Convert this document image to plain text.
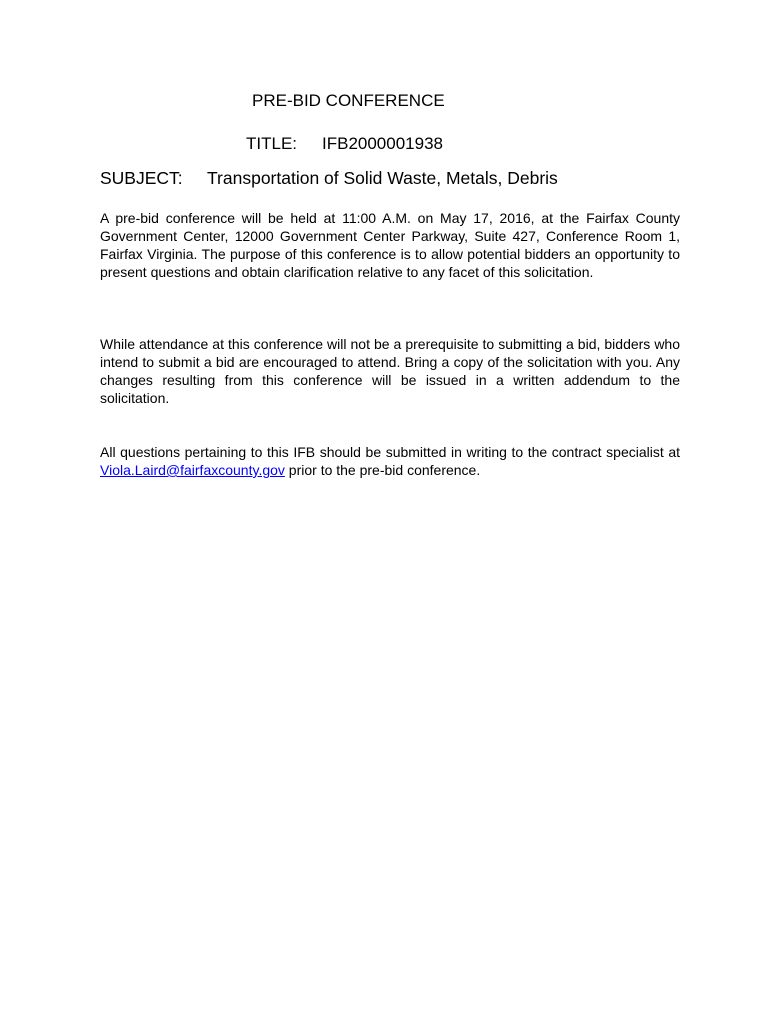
PRE-BID CONFERENCE
TITLE: IFB2000001938
SUBJECT: Transportation of Solid Waste, Metals, Debris

A pre-bid conference will be held at 11:00 A.M. on May 17, 2016, at the Fairfax County Government Center, 12000 Government Center Parkway, Suite 427, Conference Room 1, Fairfax Virginia. The purpose of this conference is to allow potential bidders an opportunity to present questions and obtain clarification relative to any facet of this solicitation.

While attendance at this conference will not be a prerequisite to submitting a bid, bidders who intend to submit a bid are encouraged to attend. Bring a copy of the solicitation with you. Any changes resulting from this conference will be issued in a written addendum to the solicitation.

All questions pertaining to this IFB should be submitted in writing to the contract specialist at Viola.Laird@fairfaxcounty.gov prior to the pre-bid conference.
